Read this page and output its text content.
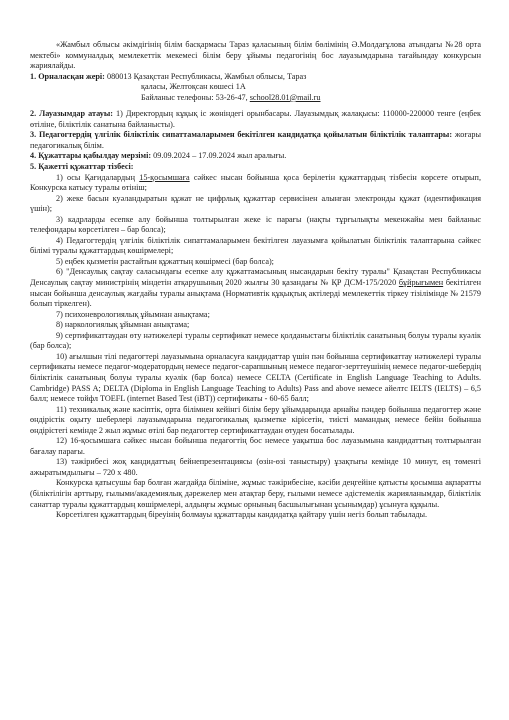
«Жамбыл облысы әкімдігінің білім басқармасы Тараз қаласының білім бөлімінің Ә.Молдағұлова атындағы №28 орта мектебі» коммуналдық мемлекеттік мекемесі білім беру ұйымы педагогінің бос лауазымдарына тағайындау конкурсын жариялайды.

1. Орналасқан жері: 080013 Қазақстан Республикасы, Жамбыл облысы, Тараз

қаласы, Желтоқсан көшесі 1А

Байланыс телефоны: 53-26-47, school28.01@mail.ru

2. Лауазымдар атауы: 1) Директордың кұқық іс жөніндегі орынбасары. Лауазымдық жалақысы: 110000-220000 тенге (еңбек өтіліне, біліктілік санатына байланысты).

3. Педагогтердің үлгілік біліктілік сипаттамаларымен бекітілген кандидатқа қойылатын біліктілік талаптары: жоғары педагогикалық білім.

4. Құжаттары қабылдау мерзімі: 09.09.2024 – 17.09.2024 жыл аралығы.

5. Қажетті құжаттар тізбесі:

1) осы Қағидалардың 15-қосымшаға сәйкес нысан бойынша қоса берілетін құжаттардың тізбесін көрсете отырып, Конкурска катысу туралы өтініш;

2) жеке басын куәландыратын құжат не цифрлық құжаттар сервисінен алынған электронды құжат (идентификация үшін);

3) кадрларды есепке алу бойынша толтырылған жеке іс парағы (нақты тұрғылықты мекенжайы мен байланыс телефондары көрсетілген – бар болса);

4) Педагогтердің үлгілік біліктілік сипаттамаларымен бекітілген лауазымға қойылатын біліктілік талаптарына сәйкес білімі туралы құжаттардың көшірмелері;

5) еңбек қызметін растайтын құжаттың көшірмесі (бар болса);

6) "Денсаулық сақтау саласындағы есепке алу құжаттамасының нысандарын бекіту туралы" Қазақстан Республикасы Денсаулық сақтау министрінің міндетін атқарушының 2020 жылғы 30 қазандағы № ҚР ДСМ-175/2020 бұйрығымен бекітілген нысан бойынша денсаулық жағдайы туралы анықтама (Нормативтік құқықтық актілерді мемлекеттік тіркеу тізілімінде № 21579 болып тіркелген).

7) психоневрологиялық ұйымнан анықтама;

8) наркологиялық ұйымнан анықтама;

9) сертификаттаудан өту нәтижелері туралы сертификат немесе қолданыстағы біліктілік санатының болуы туралы куәлік (бар болса);

10) ағылшын тілі педагогтері лауазымына орналасуға кандидаттар үшін пән бойынша сертификаттау нәтижелері туралы сертификаты немесе педагог-модератордың немесе педагог-сарапшының немесе педагог-зерттеушінің немесе педагог-шебердің біліктілік санатының болуы туралы куәлік (бар болса) немесе CELTA (Certificate in English Language Teaching to Adults. Cambridge) PASS A; DELTA (Diploma in English Language Teaching to Adults) Pass and above немесе айелтс IELTS (IELTS) – 6,5 балл; немесе тойфл TOEFL (internet Based Test (iBT)) сертификаты - 60-65 балл;

11) техникалық және кәсіптік, орта білімнен кейінгі білім беру ұйымдарында арнайы пәндер бойынша педагогтер және өндірістік оқыту шеберлері лауазымдарына педагогикалық қызметке кірісетін, тиісті мамандық немесе бейін бойынша өндірістегі кемінде 2 жыл жұмыс өтілі бар педагогтер сертификаттаудан өтуден босатылады.

12) 16-қосымшаға сәйкес нысан бойынша педагогтің бос немесе уақытша бос лауазымына кандидаттың толтырылған бағалау парағы.

13) тәжірибесі жоқ кандидаттың бейнепрезентациясы (өзін-өзі таныстыру) ұзақтығы кемінде 10 минут, ең төменгі ажыратымдылығы – 720 x 480.

Конкурска қатысушы бар болған жағдайда біліміне, жұмыс тәжірибесіне, кәсіби деңгейіне қатысты қосымша ақпаратты (біліктілігін арттыру, ғылыми/академиялық дәрежелер мен атақтар беру, ғылыми немесе әдістемелік жарияланымдар, біліктілік санаттар туралы құжаттардың көшірмелері, алдыңғы жұмыс орнының басшылығынан ұсынымдар) ұсынуға құқылы.

Көрсетілген құжаттардың біреуінің болмауы құжаттарды кандидатқа қайтару үшін негіз болып табылады.
